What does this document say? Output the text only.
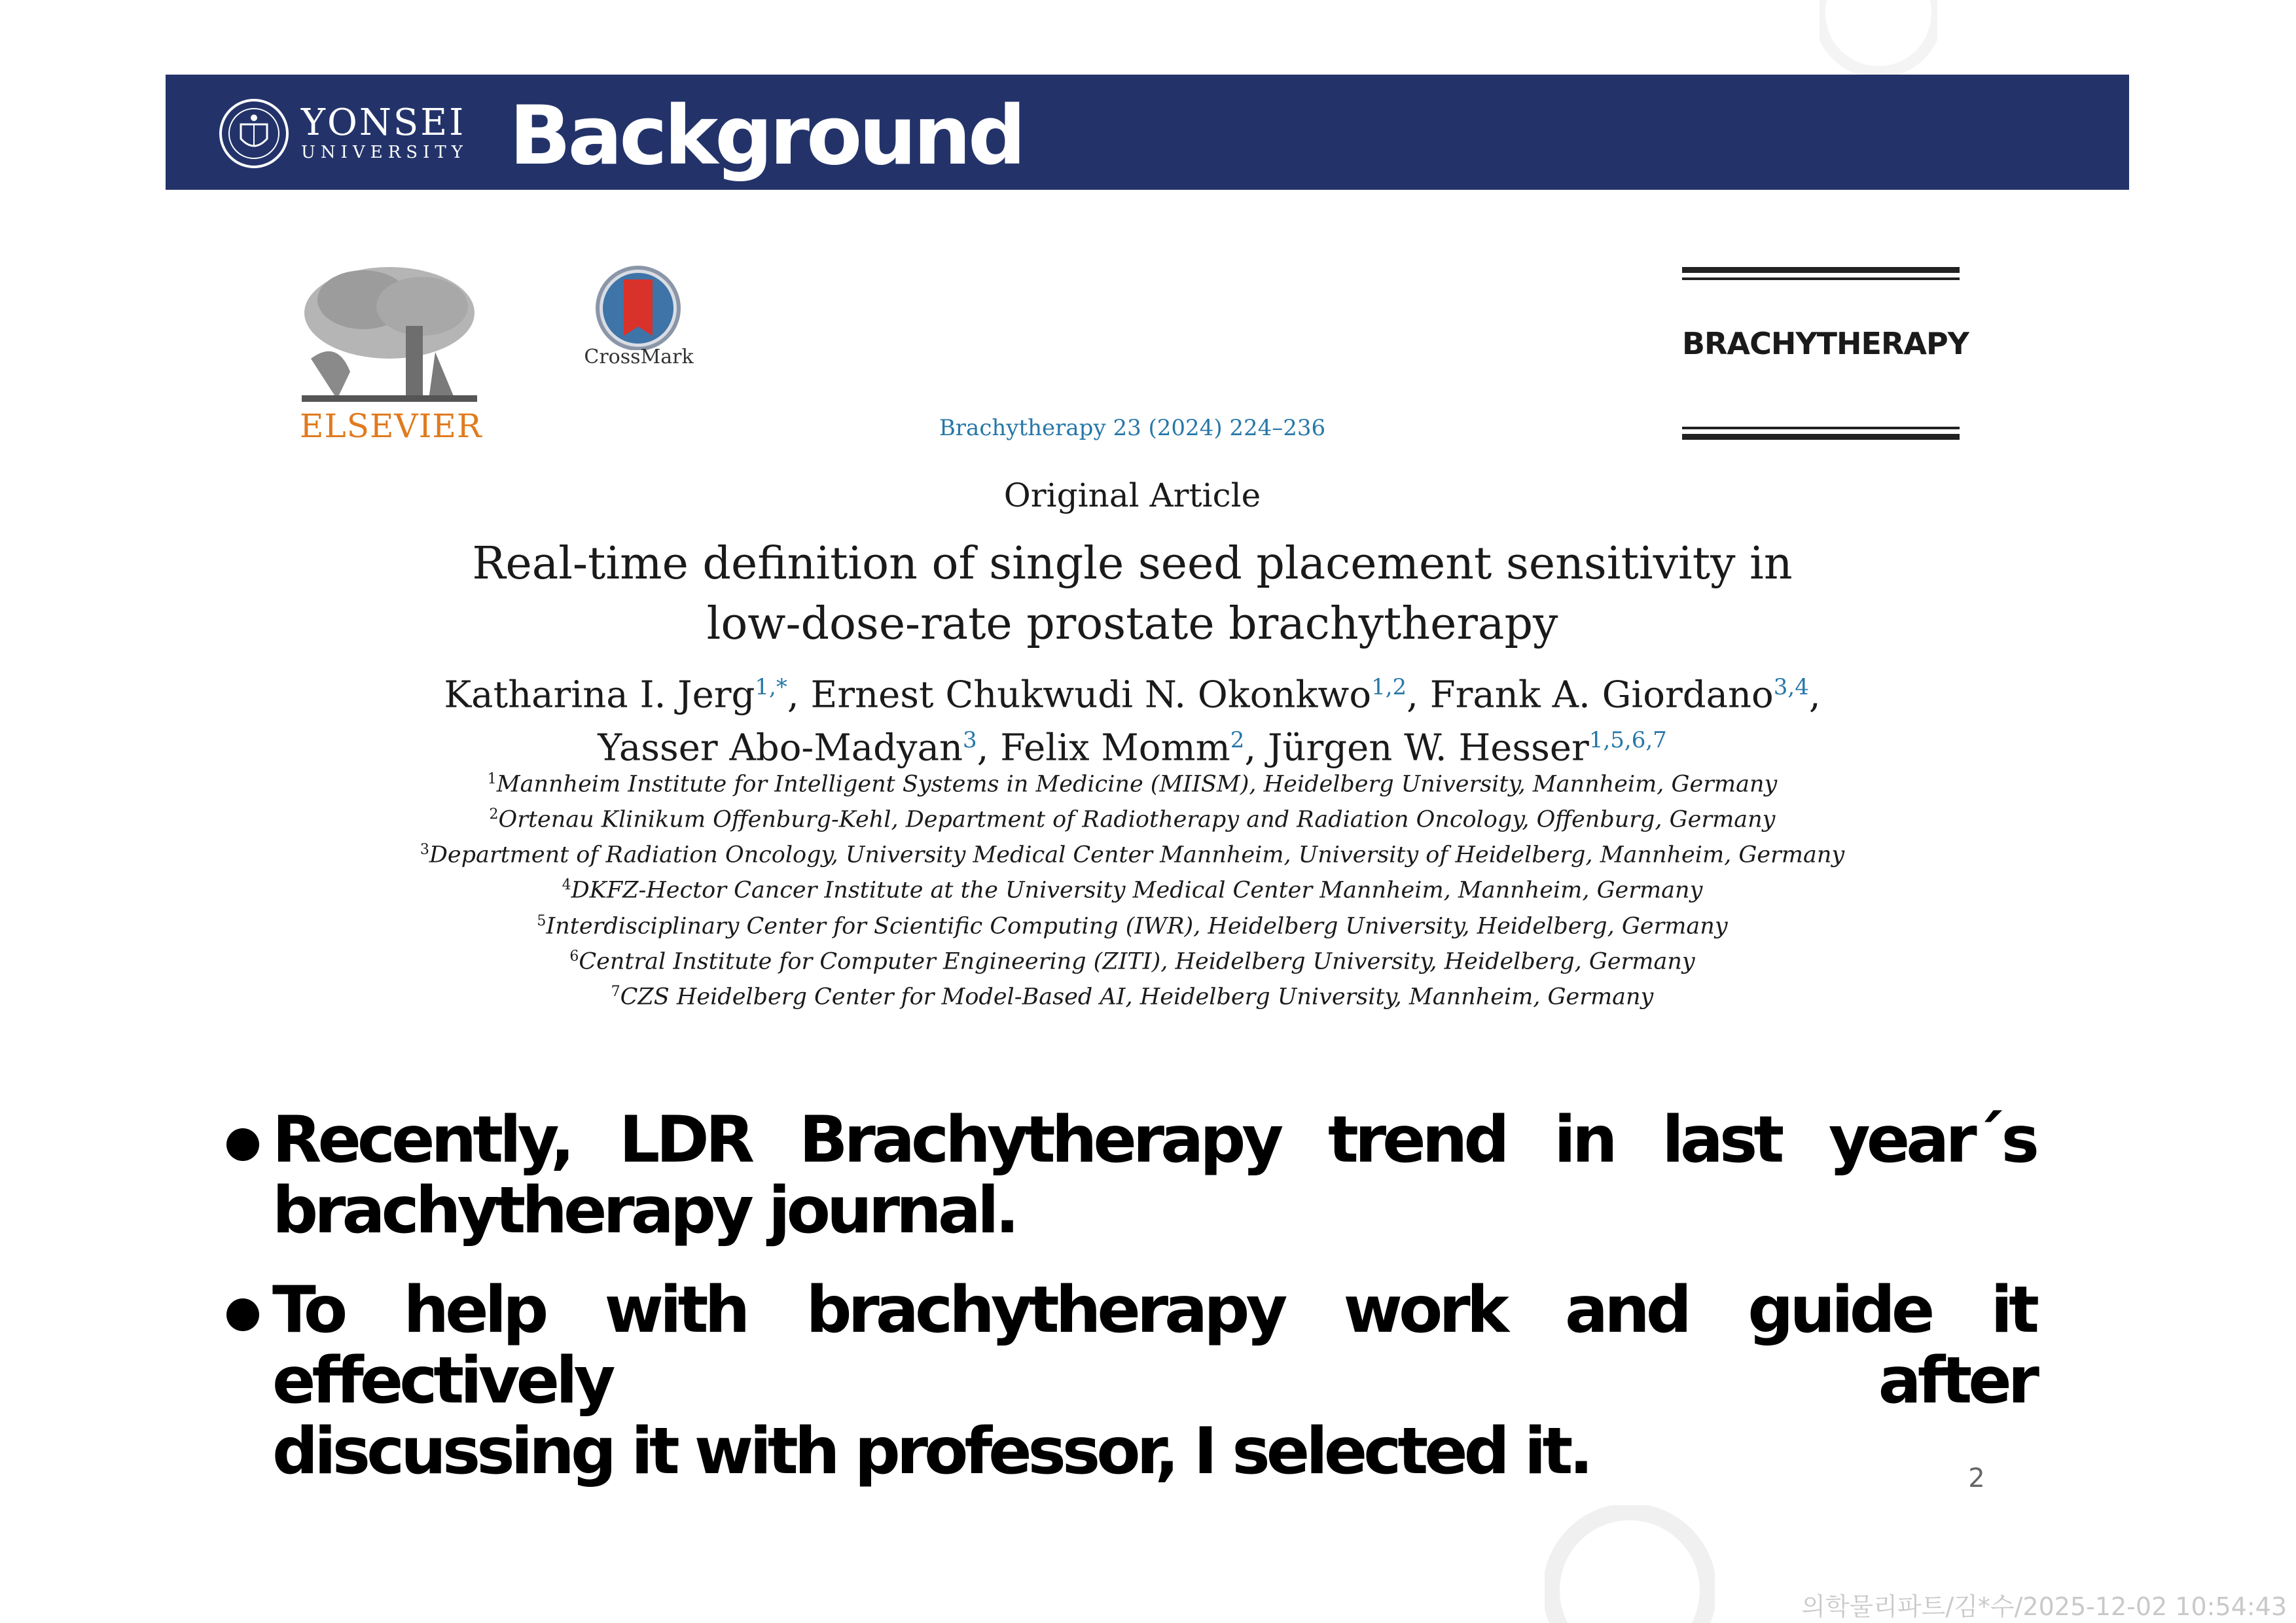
YONSEI
UNIVERSITY Background
ELSEVIER
CrossMark	BRACHYTHERAPY
Brachytherapy 23 (2024) 224–236
Original Article
Real-time definition of single seed placement sensitivity in
low-dose-rate prostate brachytherapy
Katharina I. Jerg$^{1,*}$, Ernest Chukwudi N. Okonkwo$^{1,2}$, Frank A. Giordano$^{3,4}$,
Yasser Abo-Madyan$^3$, Felix Momm$^2$, Jürgen W. Hesser$^{1,5,6,7}$
$^1$Mannheim Institute for Intelligent Systems in Medicine (MIISM), Heidelberg University, Mannheim, Germany
$^2$Ortenau Klinikum Offenburg-Kehl, Department of Radiotherapy and Radiation Oncology, Offenburg, Germany
$^3$Department of Radiation Oncology, University Medical Center Mannheim, University of Heidelberg, Mannheim, Germany
$^4$DKFZ-Hector Cancer Institute at the University Medical Center Mannheim, Mannheim, Germany
$^5$Interdisciplinary Center for Scientific Computing (IWR), Heidelberg University, Heidelberg, Germany
$^6$Central Institute for Computer Engineering (ZITI), Heidelberg University, Heidelberg, Germany
$^7$CZS Heidelberg Center for Model-Based AI, Heidelberg University, Mannheim, Germany
Recently, LDR Brachytherapy trend in last year´s
brachytherapy journal.
To help with brachytherapy work and guide it effectively after
discussing it with professor, I selected it.	2
의학물리파트/김*수/2025-12-02 10:54:43
